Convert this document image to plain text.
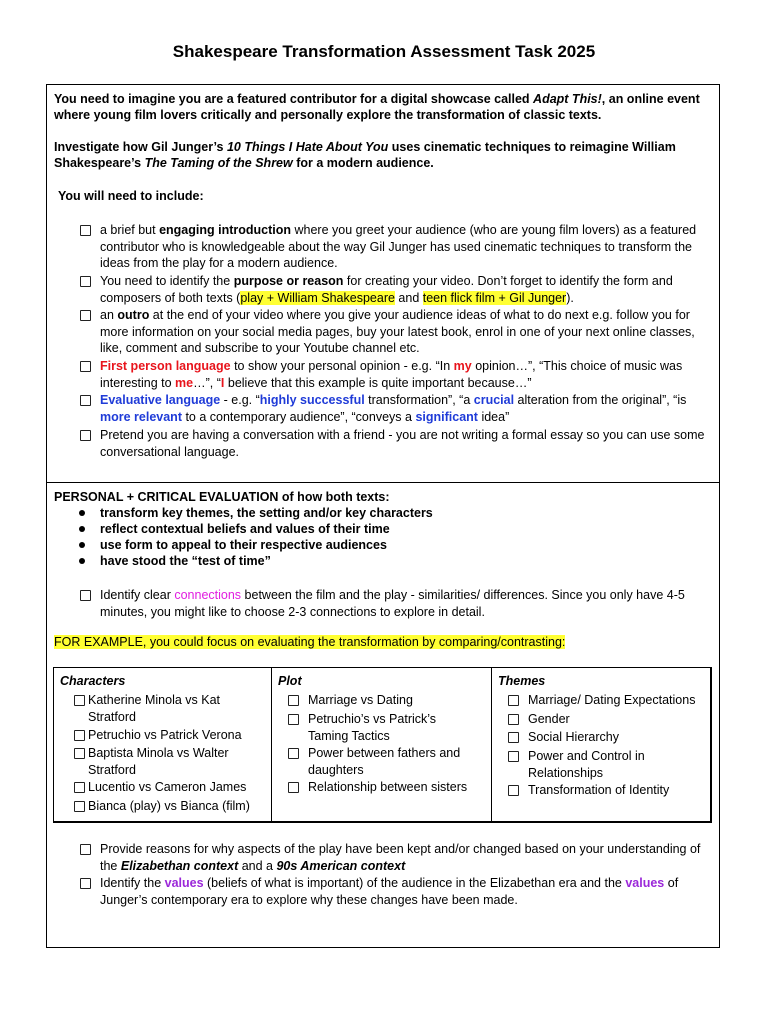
Shakespeare Transformation Assessment Task 2025
You need to imagine you are a featured contributor for a digital showcase called Adapt This!, an online event where young film lovers critically and personally explore the transformation of classic texts.
Investigate how Gil Junger’s 10 Things I Hate About You uses cinematic techniques to reimagine William Shakespeare’s The Taming of the Shrew for a modern audience.
You will need to include:
a brief but engaging introduction where you greet your audience (who are young film lovers) as a featured contributor who is knowledgeable about the way Gil Junger has used cinematic techniques to transform the ideas from the play for a modern audience.
You need to identify the purpose or reason for creating your video. Don’t forget to identify the form and composers of both texts (play + William Shakespeare and teen flick film + Gil Junger).
an outro at the end of your video where you give your audience ideas of what to do next e.g. follow you for more information on your social media pages, buy your latest book, enrol in one of your next online classes, like, comment and subscribe to your Youtube channel etc.
First person language to show your personal opinion - e.g. “In my opinion…”, “This choice of music was interesting to me…”, “I believe that this example is quite important because…”
Evaluative language - e.g. “highly successful transformation”, “a crucial alteration from the original”, “is more relevant to a contemporary audience”, “conveys a significant idea”
Pretend you are having a conversation with a friend - you are not writing a formal essay so you can use some conversational language.
PERSONAL + CRITICAL EVALUATION of how both texts:
transform key themes, the setting and/or key characters
reflect contextual beliefs and values of their time
use form to appeal to their respective audiences
have stood the “test of time”
Identify clear connections between the film and the play - similarities/ differences. Since you only have 4-5 minutes, you might like to choose 2-3 connections to explore in detail.
FOR EXAMPLE, you could focus on evaluating the transformation by comparing/contrasting:
Characters
Katherine Minola vs Kat Stratford
Petruchio vs Patrick Verona
Baptista Minola vs Walter Stratford
Lucentio vs Cameron James
Bianca (play) vs Bianca (film)
Plot
Marriage vs Dating
Petruchio’s vs Patrick’s Taming Tactics
Power between fathers and daughters
Relationship between sisters
Themes
Marriage/ Dating Expectations
Gender
Social Hierarchy
Power and Control in Relationships
Transformation of Identity
Provide reasons for why aspects of the play have been kept and/or changed based on your understanding of the Elizabethan context and a 90s American context
Identify the values (beliefs of what is important) of the audience in the Elizabethan era and the values of Junger’s contemporary era to explore why these changes have been made.
